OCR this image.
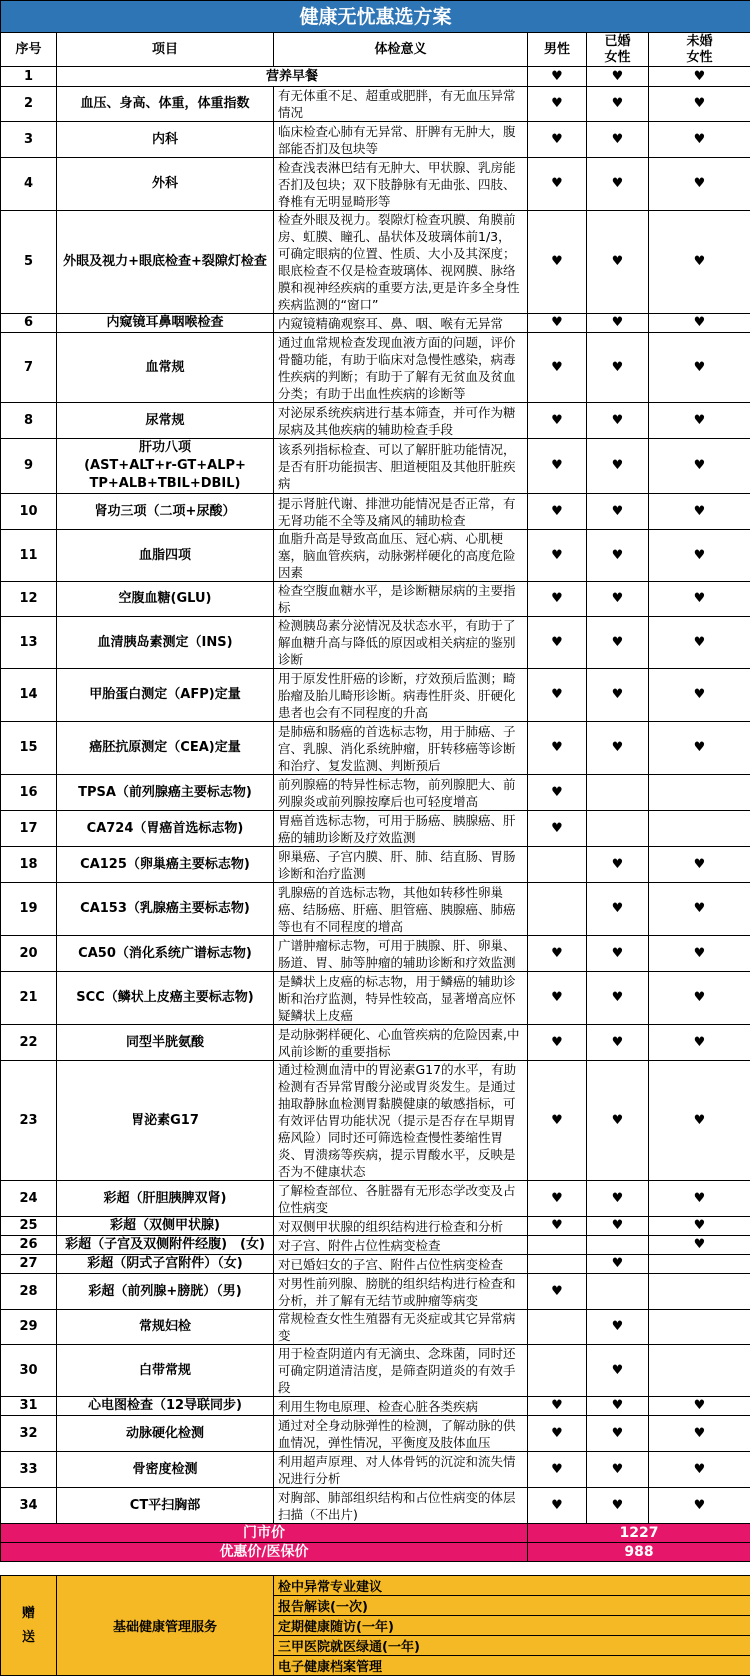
健康无忧惠选方案					
序号	项目	体检意义	男性	已婚
女性	未婚
女性
1	营养早餐		♥	♥	♥
2	血压、身高、体重，体重指数	有无体重不足、超重或肥胖，有无血压异常情况	♥	♥	♥
3	内科	临床检查心肺有无异常、肝脾有无肿大，腹部能否扪及包块等	♥	♥	♥
4	外科	检查浅表淋巴结有无肿大、甲状腺、乳房能否扪及包块；双下肢静脉有无曲张、四肢、脊椎有无明显畸形等	♥	♥	♥
5	外眼及视力+眼底检查+裂隙灯检查	检查外眼及视力。裂隙灯检查巩膜、角膜前房、虹膜、瞳孔、晶状体及玻璃体前1/3，可确定眼病的位置、性质、大小及其深度；眼底检查不仅是检查玻璃体、视网膜、脉络膜和视神经疾病的重要方法,更是许多全身性疾病监测的“窗口”	♥	♥	♥
6	内窥镜耳鼻咽喉检查	内窥镜精确观察耳、鼻、咽、喉有无异常	♥	♥	♥
7	血常规	通过血常规检查发现血液方面的问题，评价骨髓功能，有助于临床对急慢性感染，病毒性疾病的判断；有助于了解有无贫血及贫血分类；有助于出血性疾病的诊断等	♥	♥	♥
8	尿常规	对泌尿系统疾病进行基本筛查，并可作为糖尿病及其他疾病的辅助检查手段	♥	♥	♥
9	肝功八项
(AST+ALT+r-GT+ALP+
TP+ALB+TBIL+DBIL)	该系列指标检查、可以了解肝脏功能情况，是否有肝功能损害、胆道梗阻及其他肝脏疾病	♥	♥	♥
10	肾功三项（二项+尿酸）	提示肾脏代谢、排泄功能情况是否正常，有无肾功能不全等及痛风的辅助检查	♥	♥	♥
11	血脂四项	血脂升高是导致高血压、冠心病、心肌梗塞，脑血管疾病，动脉粥样硬化的高度危险因素	♥	♥	♥
12	空腹血糖(GLU)	检查空腹血糖水平，是诊断糖尿病的主要指标	♥	♥	♥
13	血清胰岛素测定（INS)	检测胰岛素分泌情况及状态水平，有助于了解血糖升高与降低的原因或相关病症的鉴别诊断	♥	♥	♥
14	甲胎蛋白测定（AFP)定量	用于原发性肝癌的诊断，疗效预后监测；畸胎瘤及胎儿畸形诊断。病毒性肝炎、肝硬化患者也会有不同程度的升高	♥	♥	♥
15	癌胚抗原测定（CEA)定量	是肺癌和肠癌的首选标志物，用于肺癌、子宫、乳腺、消化系统肿瘤，肝转移癌等诊断和治疗、复发监测、判断预后	♥	♥	♥
16	TPSA（前列腺癌主要标志物)	前列腺癌的特异性标志物，前列腺肥大、前列腺炎或前列腺按摩后也可轻度增高	♥		
17	CA724（胃癌首选标志物)	胃癌首选标志物，可用于肠癌、胰腺癌、肝癌的辅助诊断及疗效监测	♥		
18	CA125（卵巢癌主要标志物)	卵巢癌、子宫内膜、肝、肺、结直肠、胃肠诊断和治疗监测		♥	♥
19	CA153（乳腺癌主要标志物)	乳腺癌的首选标志物，其他如转移性卵巢癌、结肠癌、肝癌、胆管癌、胰腺癌、肺癌等也有不同程度的增高		♥	♥
20	CA50（消化系统广谱标志物)	广谱肿瘤标志物，可用于胰腺、肝、卵巢、肠道、胃、肺等肿瘤的辅助诊断和疗效监测	♥	♥	♥
21	SCC（鳞状上皮癌主要标志物)	是鳞状上皮癌的标志物，用于鳞癌的辅助诊断和治疗监测，特异性较高，显著增高应怀疑鳞状上皮癌	♥	♥	♥
22	同型半胱氨酸	是动脉粥样硬化、心血管疾病的危险因素,中风前诊断的重要指标	♥	♥	♥
23	胃泌素G17	通过检测血清中的胃泌素G17的水平，有助检测有否异常胃酸分泌或胃炎发生。是通过抽取静脉血检测胃黏膜健康的敏感指标，可有效评估胃功能状况（提示是否存在早期胃癌风险）同时还可筛选检查慢性萎缩性胃炎、胃溃疡等疾病，提示胃酸水平，反映是否为不健康状态	♥	♥	♥
24	彩超（肝胆胰脾双肾)	了解检查部位、各脏器有无形态学改变及占位性病变	♥	♥	♥
25	彩超（双侧甲状腺)	对双侧甲状腺的组织结构进行检查和分析	♥	♥	♥
26	彩超（子宫及双侧附件经腹)　(女)	对子宫、附件占位性病变检查			♥
27	彩超（阴式子宫附件）（女)	对已婚妇女的子宫、附件占位性病变检查		♥	
28	彩超（前列腺+膀胱）（男)	对男性前列腺、膀胱的组织结构进行检查和分析，并了解有无结节或肿瘤等病变	♥		
29	常规妇检	常规检查女性生殖器有无炎症或其它异常病变		♥	
30	白带常规	用于检查阴道内有无滴虫、念珠菌，同时还可确定阴道清洁度，是筛查阴道炎的有效手段		♥	
31	心电图检查（12导联同步)	利用生物电原理、检查心脏各类疾病	♥	♥	♥
32	动脉硬化检测	通过对全身动脉弹性的检测，了解动脉的供血情况，弹性情况，平衡度及肢体血压	♥	♥	♥
33	骨密度检测	利用超声原理、对人体骨钙的沉淀和流失情况进行分析	♥	♥	♥
34	CT平扫胸部	对胸部、肺部组织结构和占位性病变的体层扫描（不出片)	♥	♥	♥
门市价			1227		
优惠价/医保价			988		
赠
送	基础健康管理服务	检中异常专业建议
报告解读(一次)
定期健康随访(一年)
三甲医院就医绿通(一年)
电子健康档案管理
